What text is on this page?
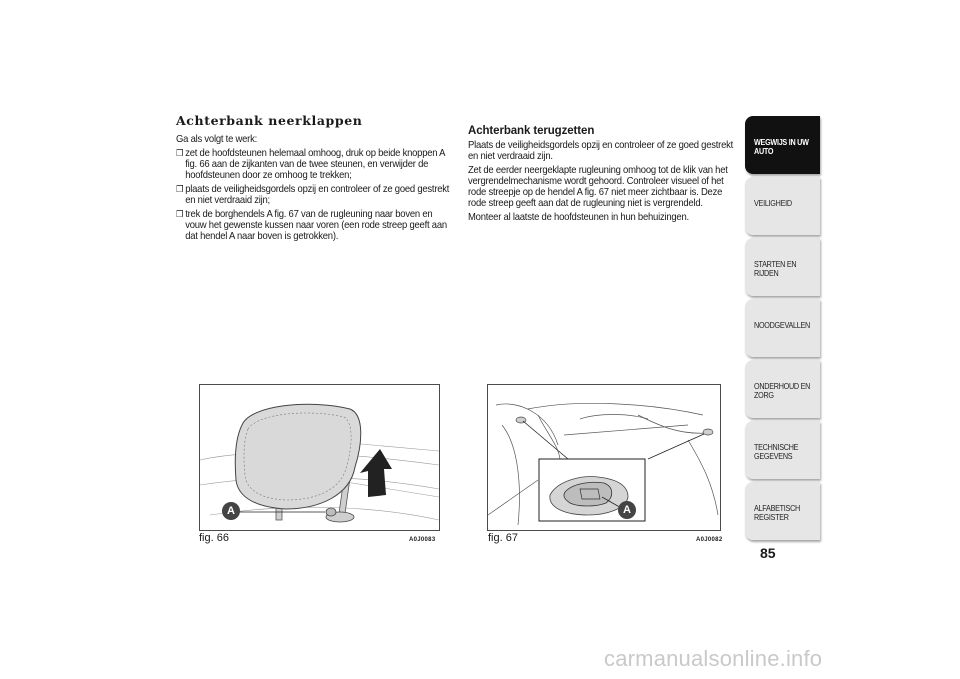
Achterbank neerklappen

Ga als volgt te werk:

❒ zet de hoofdsteunen helemaal omhoog, druk op beide knoppen A fig. 66 aan de zijkanten van de twee steunen, en verwijder de hoofdsteunen door ze omhoog te trekken;
❒ plaats de veiligheidsgordels opzij en controleer of ze goed gestrekt en niet verdraaid zijn;
❒ trek de borghendels A fig. 67 van de rugleuning naar boven en vouw het gewenste kussen naar voren (een rode streep geeft aan dat hendel A naar boven is getrokken).
Achterbank terugzetten

Plaats de veiligheidsgordels opzij en controleer of ze goed gestrekt en niet verdraaid zijn.

Zet de eerder neergeklapte rugleuning omhoog tot de klik van het vergrendelmechanisme wordt gehoord. Controleer visueel of het rode streepje op de hendel A fig. 67 niet meer zichtbaar is. Deze rode streep geeft aan dat de rugleuning niet is vergrendeld.

Monteer al laatste de hoofdsteunen in hun behuizingen.

A
fig. 66	A0J0083
A
fig. 67	A0J0082
WEGWIJS IN UW AUTO
VEILIGHEID
STARTEN EN RIJDEN
NOODGEVALLEN
ONDERHOUD EN ZORG
TECHNISCHE GEGEVENS
ALFABETISCH REGISTER
85
carmanualsonline.info
